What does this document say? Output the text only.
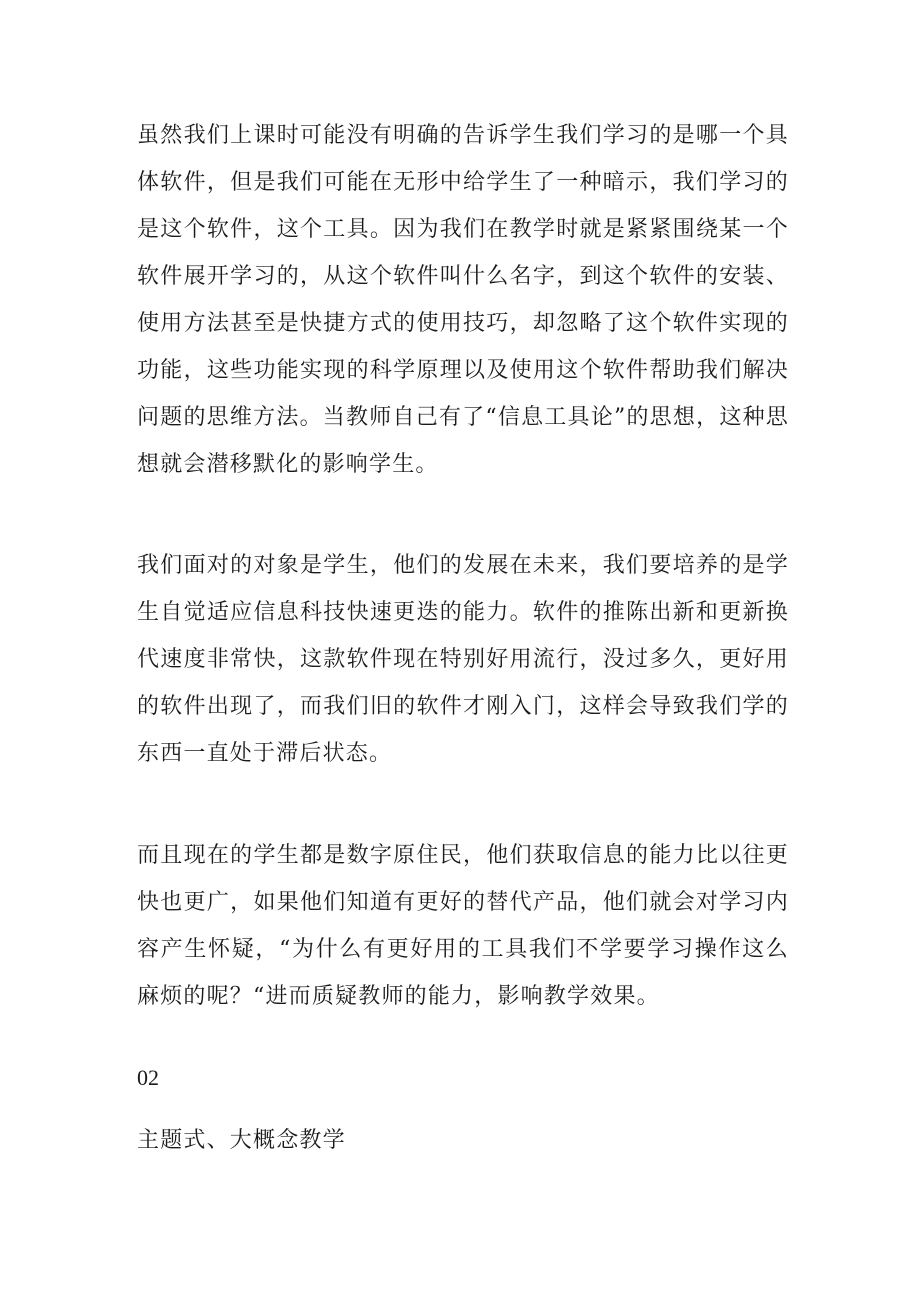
虽然我们上课时可能没有明确的告诉学生我们学习的是哪一个具体软件，但是我们可能在无形中给学生了一种暗示，我们学习的是这个软件，这个工具。因为我们在教学时就是紧紧围绕某一个软件展开学习的，从这个软件叫什么名字，到这个软件的安装、使用方法甚至是快捷方式的使用技巧，却忽略了这个软件实现的功能，这些功能实现的科学原理以及使用这个软件帮助我们解决问题的思维方法。当教师自己有了“信息工具论”的思想，这种思想就会潜移默化的影响学生。

我们面对的对象是学生，他们的发展在未来，我们要培养的是学生自觉适应信息科技快速更迭的能力。软件的推陈出新和更新换代速度非常快，这款软件现在特别好用流行，没过多久，更好用的软件出现了，而我们旧的软件才刚入门，这样会导致我们学的东西一直处于滞后状态。

而且现在的学生都是数字原住民，他们获取信息的能力比以往更快也更广，如果他们知道有更好的替代产品，他们就会对学习内容产生怀疑，“为什么有更好用的工具我们不学要学习操作这么麻烦的呢？“进而质疑教师的能力，影响教学效果。

02

主题式、大概念教学
